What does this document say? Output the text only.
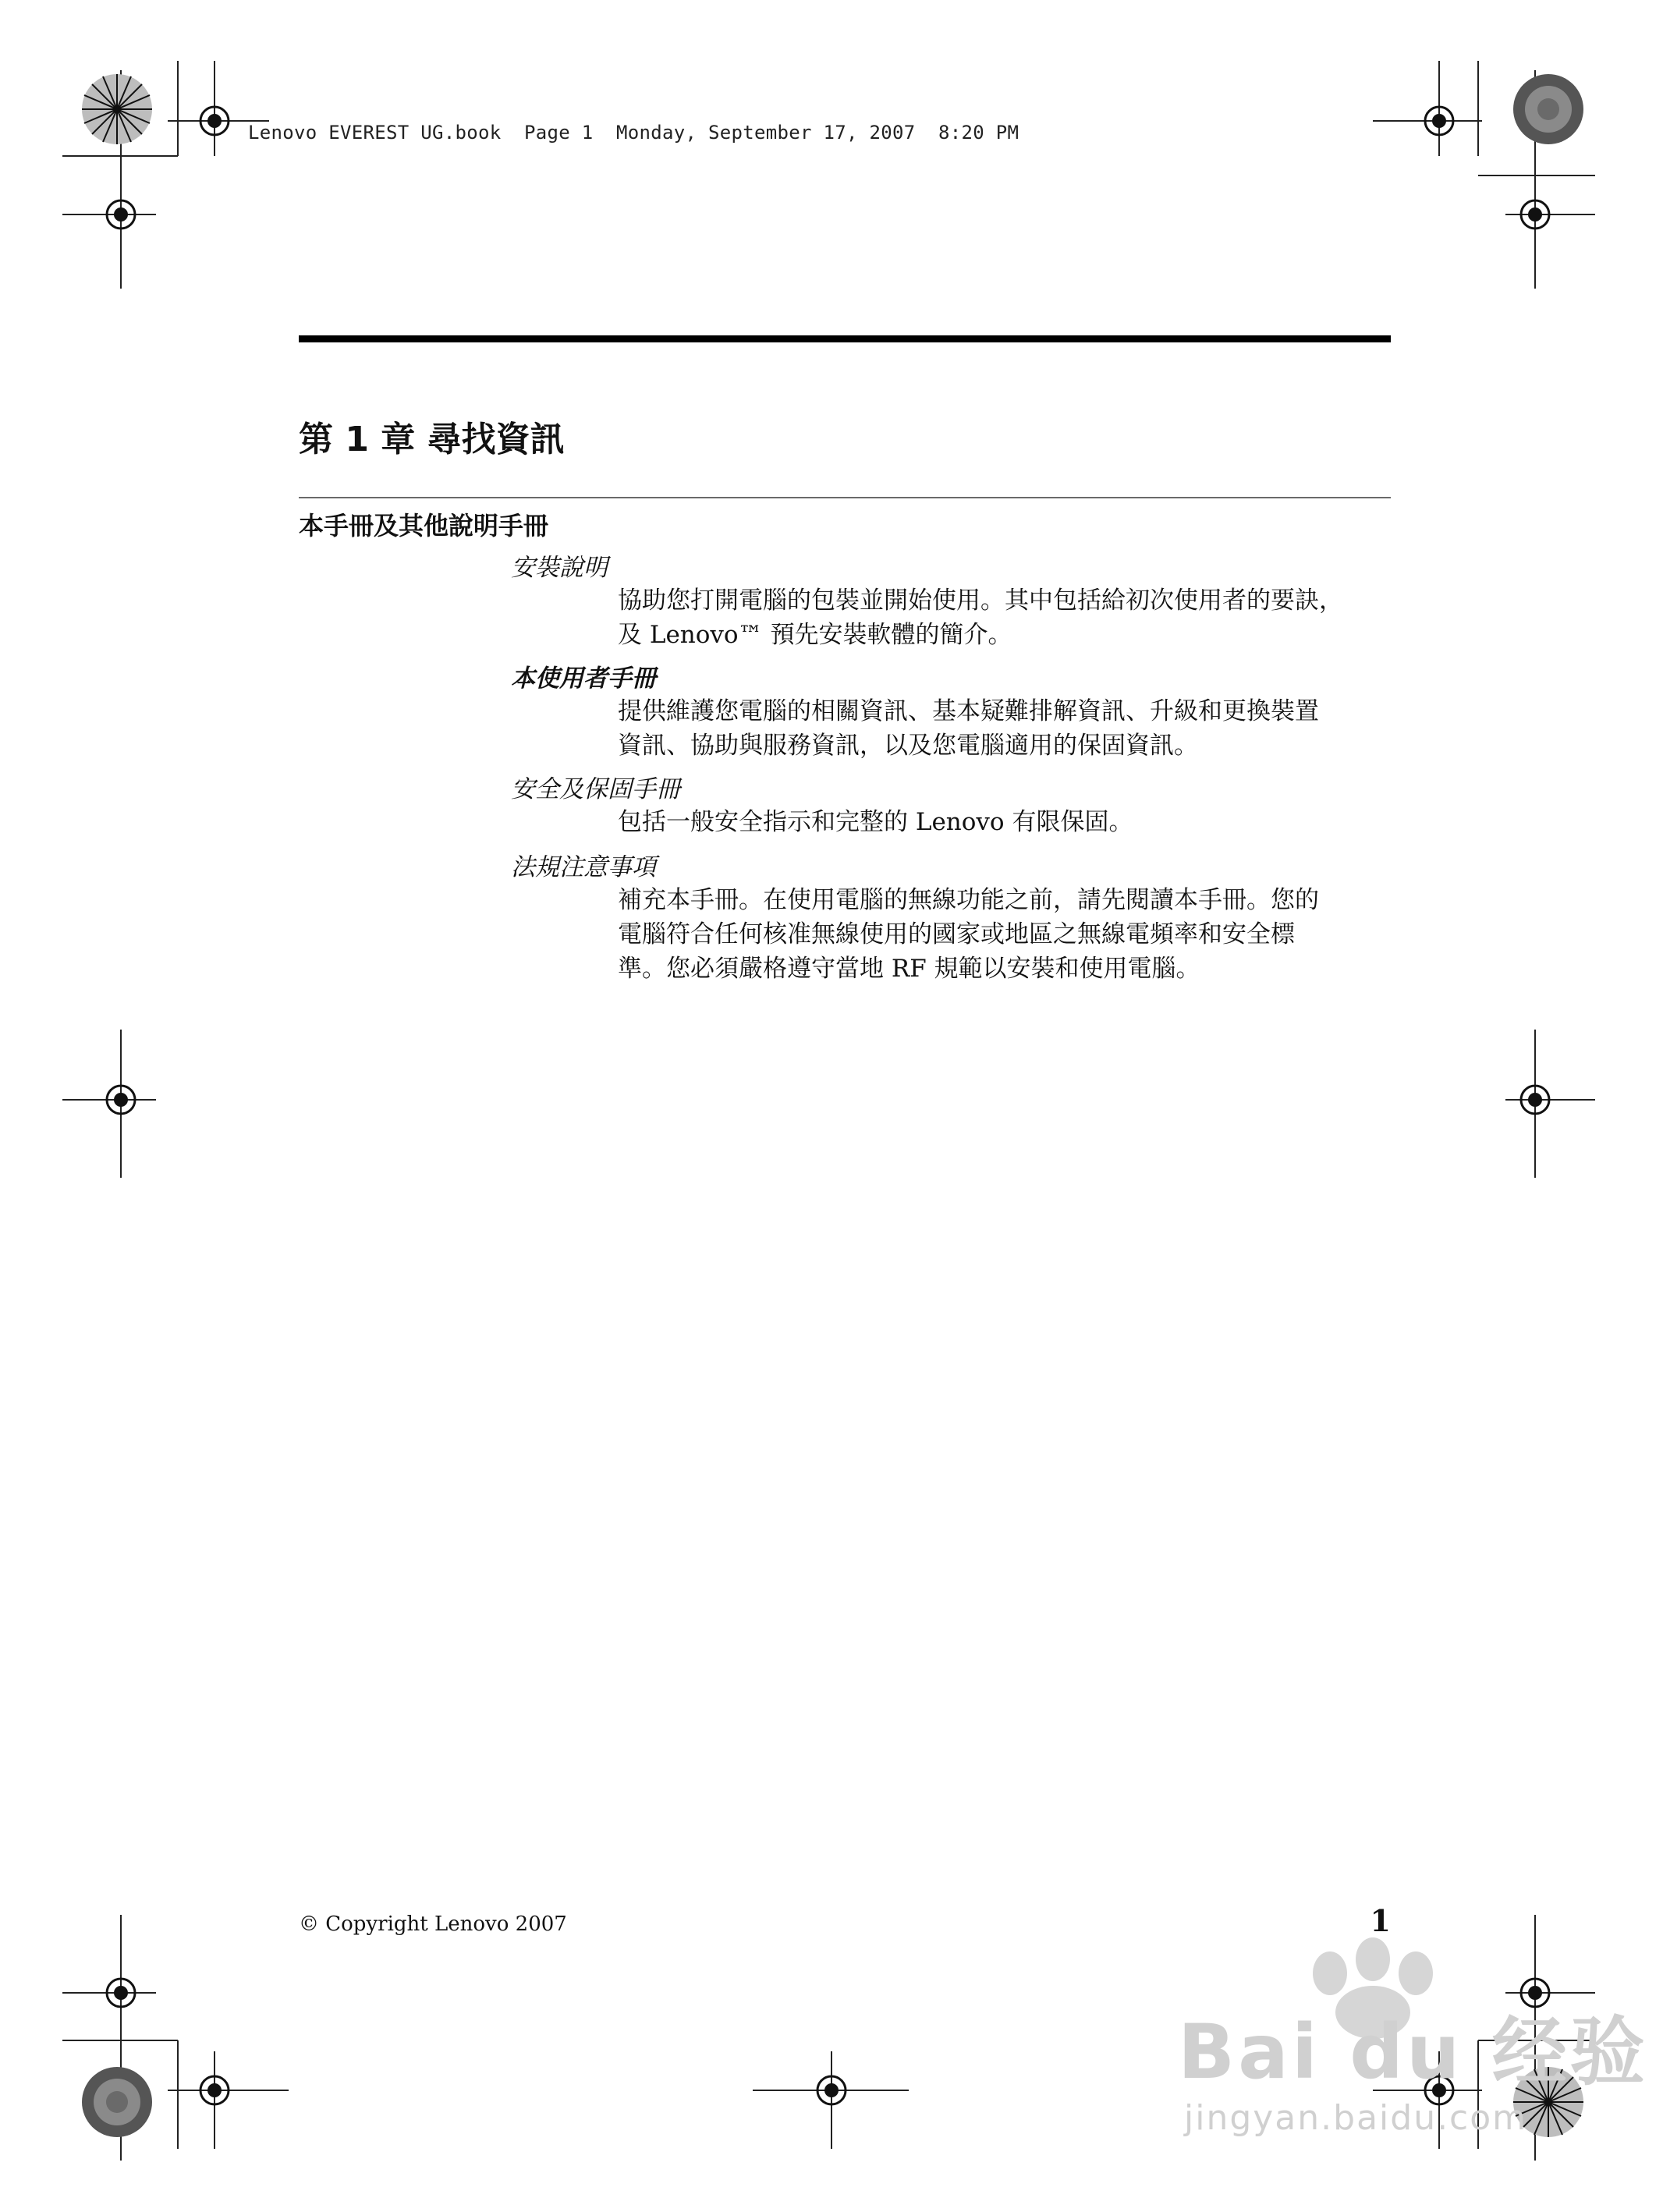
Lenovo EVEREST UG.book  Page 1  Monday, September 17, 2007  8:20 PM
第 1 章 尋找資訊
本手冊及其他說明手冊

安裝說明

協助您打開電腦的包裝並開始使用。其中包括給初次使用者的要訣，

及 Lenovo™ 預先安裝軟體的簡介。

本使用者手冊

提供維護您電腦的相關資訊、基本疑難排解資訊、升級和更換裝置

資訊、協助與服務資訊，以及您電腦適用的保固資訊。

安全及保固手冊

包括一般安全指示和完整的 Lenovo 有限保固。

法規注意事項

補充本手冊。在使用電腦的無線功能之前，請先閱讀本手冊。您的

電腦符合任何核准無線使用的國家或地區之無線電頻率和安全標

準。您必須嚴格遵守當地 RF 規範以安裝和使用電腦。

© Copyright Lenovo 2007	1
Bai du 经验
jingyan.baidu.com
